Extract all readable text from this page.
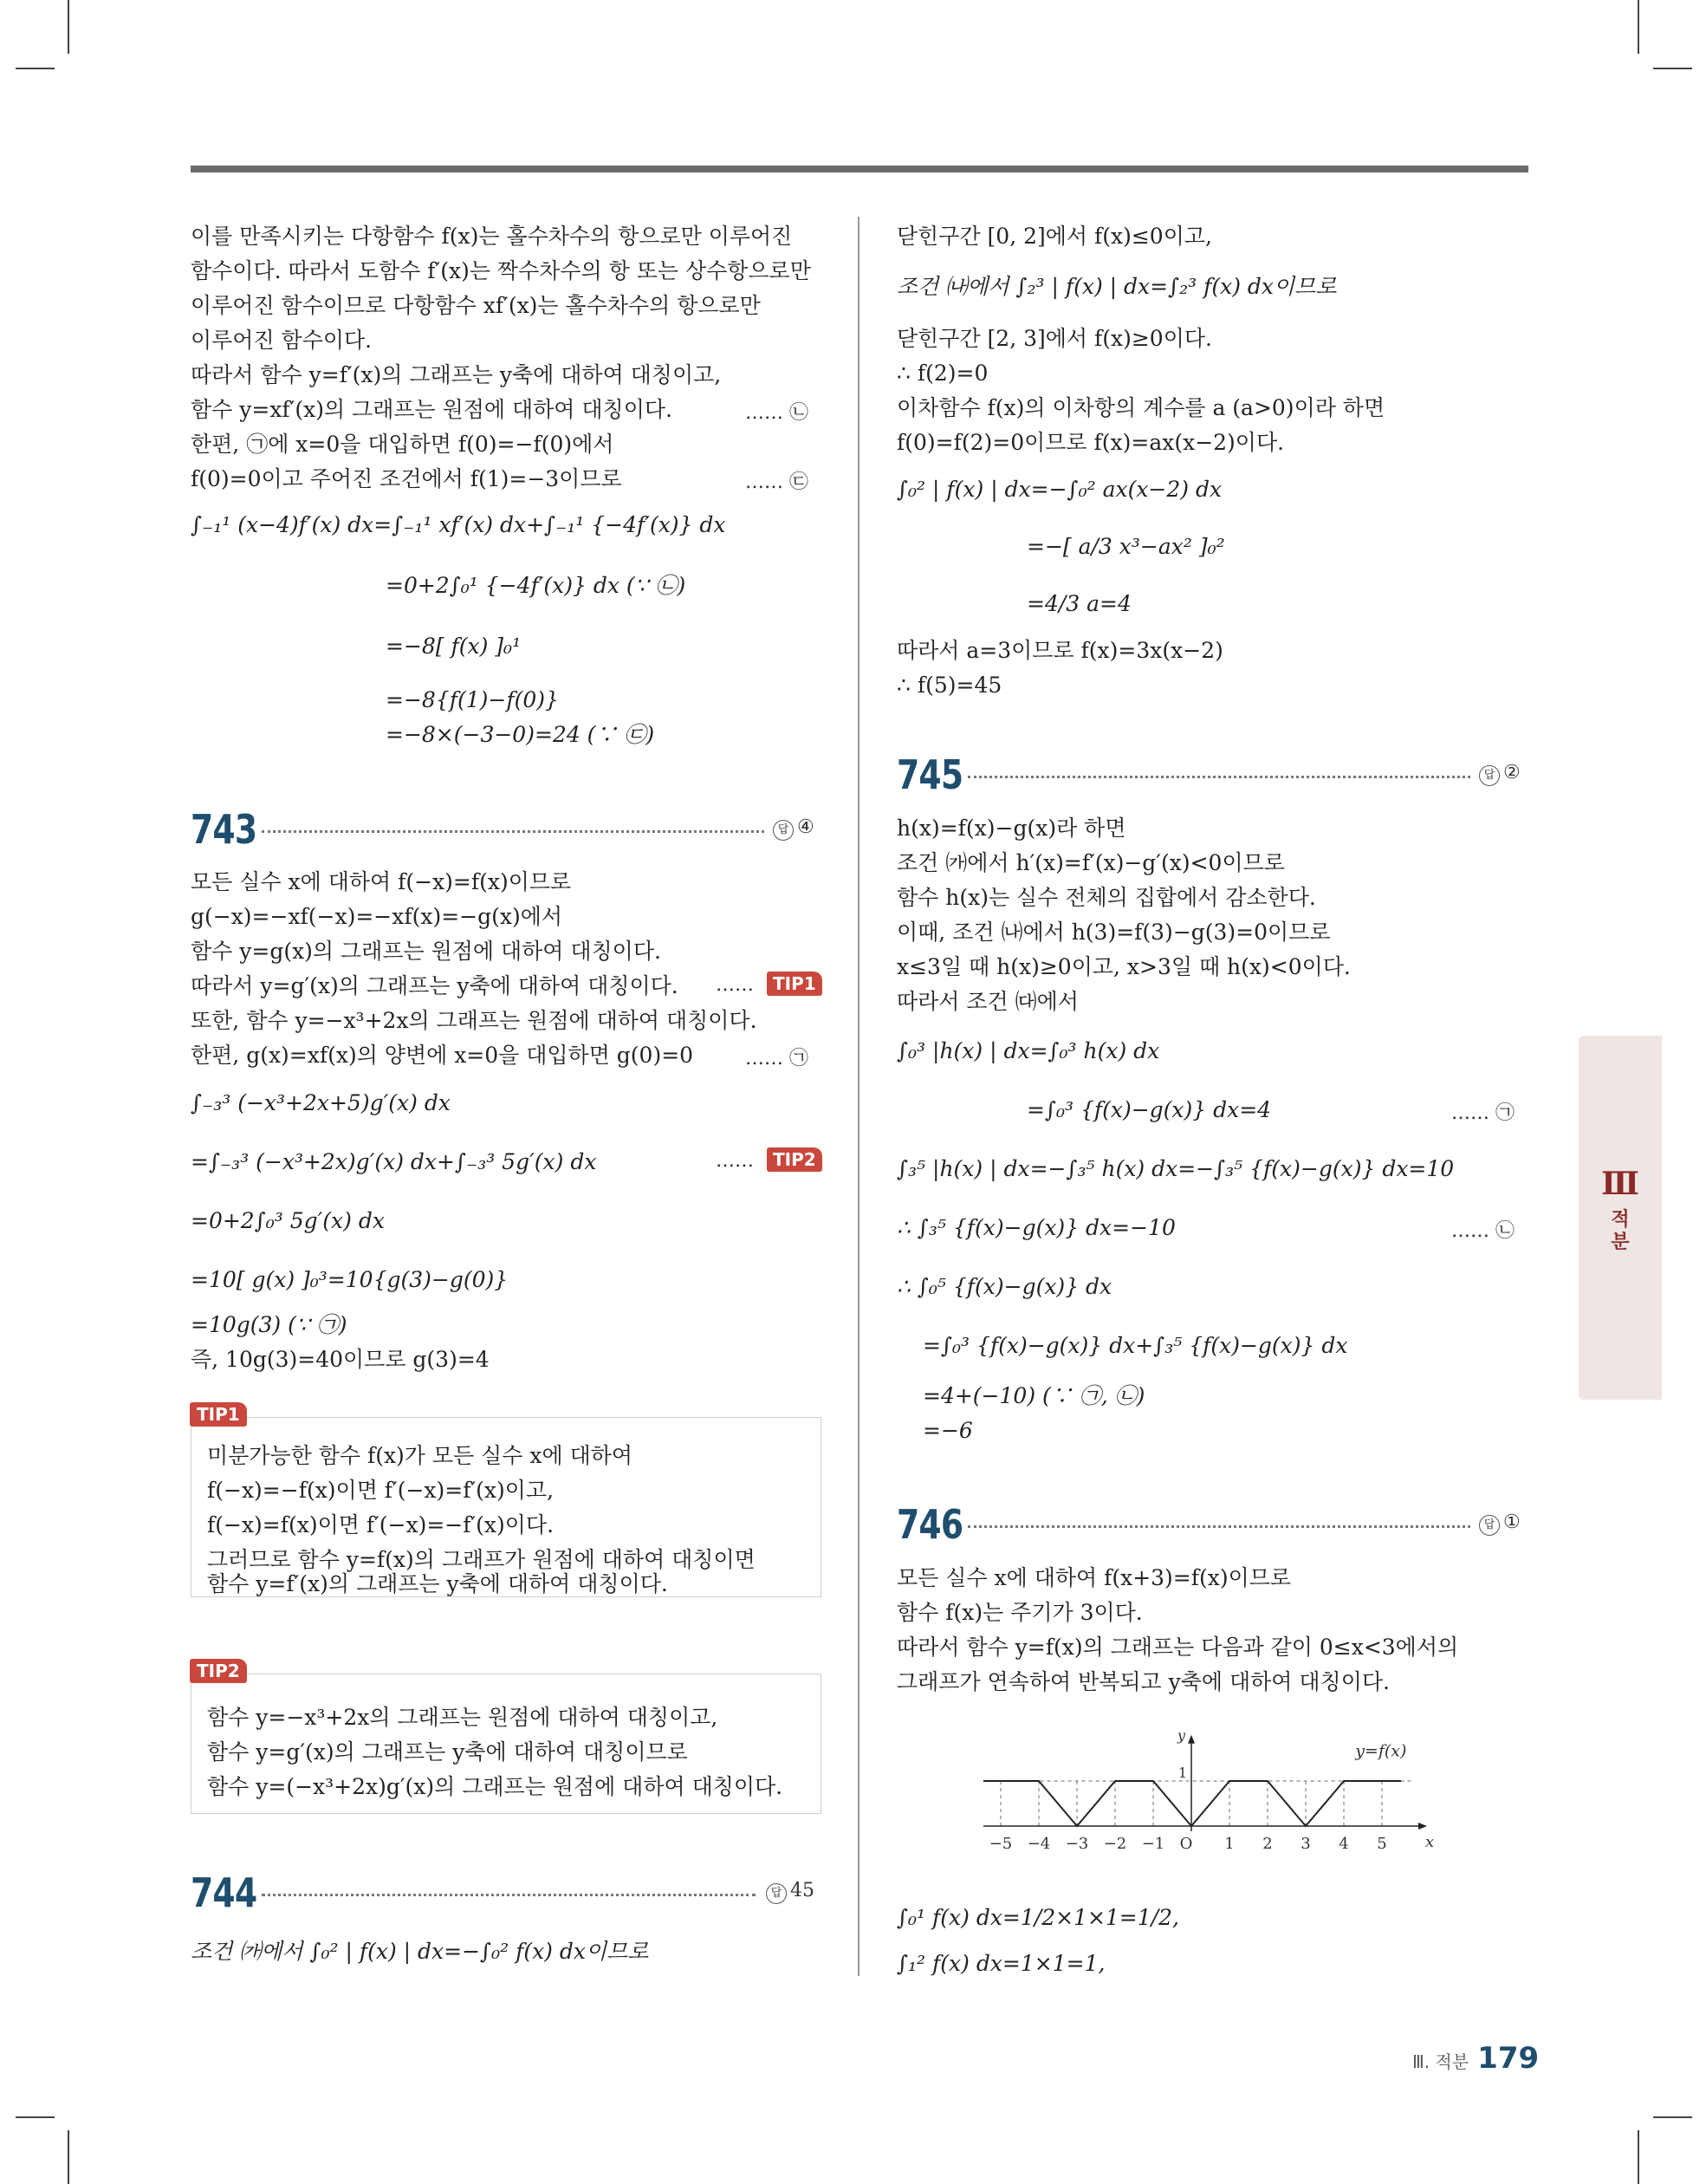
이를 만족시키는 다항함수 f(x)는 홀수차수의 항으로만 이루어진
함수이다. 따라서 도함수 f′(x)는 짝수차수의 항 또는 상수항으로만
이루어진 함수이므로 다항함수 xf′(x)는 홀수차수의 항으로만
이루어진 함수이다.
따라서 함수 y=f′(x)의 그래프는 y축에 대하여 대칭이고,
함수 y=xf′(x)의 그래프는 원점에 대하여 대칭이다.	…… ㉡
한편, ㉠에 x=0을 대입하면 f(0)=−f(0)에서
f(0)=0이고 주어진 조건에서 f(1)=−3이므로	…… ㉢
∫₋₁¹ (x−4)f′(x) dx=∫₋₁¹ xf′(x) dx+∫₋₁¹ {−4f′(x)} dx
=0+2∫₀¹ {−4f′(x)} dx (∵ ㉡)
=−8[ f(x) ]₀¹
=−8{f(1)−f(0)}
=−8×(−3−0)=24 (∵ ㉢)
743	답 ④
모든 실수 x에 대하여 f(−x)=f(x)이므로
g(−x)=−xf(−x)=−xf(x)=−g(x)에서
함수 y=g(x)의 그래프는 원점에 대하여 대칭이다.
따라서 y=g′(x)의 그래프는 y축에 대하여 대칭이다. ……	TIP1
또한, 함수 y=−x³+2x의 그래프는 원점에 대하여 대칭이다.
한편, g(x)=xf(x)의 양변에 x=0을 대입하면 g(0)=0	…… ㉠
∫₋₃³ (−x³+2x+5)g′(x) dx
=∫₋₃³ (−x³+2x)g′(x) dx+∫₋₃³ 5g′(x) dx	……	TIP2
=0+2∫₀³ 5g′(x) dx
=10[ g(x) ]₀³=10{g(3)−g(0)}
=10g(3) (∵ ㉠)
즉, 10g(3)=40이므로 g(3)=4
TIP1
미분가능한 함수 f(x)가 모든 실수 x에 대하여
f(−x)=−f(x)이면 f′(−x)=f′(x)이고,
f(−x)=f(x)이면 f′(−x)=−f′(x)이다.
그러므로 함수 y=f(x)의 그래프가 원점에 대하여 대칭이면
함수 y=f′(x)의 그래프는 y축에 대하여 대칭이다.
TIP2
함수 y=−x³+2x의 그래프는 원점에 대하여 대칭이고,
함수 y=g′(x)의 그래프는 y축에 대하여 대칭이므로
함수 y=(−x³+2x)g′(x)의 그래프는 원점에 대하여 대칭이다.
744	답 45
조건 ㈎에서 ∫₀² | f(x) | dx=−∫₀² f(x) dx이므로
닫힌구간 [0, 2]에서 f(x)≤0이고,
조건 ㈏에서 ∫₂³ | f(x) | dx=∫₂³ f(x) dx이므로
닫힌구간 [2, 3]에서 f(x)≥0이다.
∴ f(2)=0
이차함수 f(x)의 이차항의 계수를 a (a>0)이라 하면
f(0)=f(2)=0이므로 f(x)=ax(x−2)이다.
∫₀² | f(x) | dx=−∫₀² ax(x−2) dx
=−[ a/3 x³−ax² ]₀²
=4/3 a=4
따라서 a=3이므로 f(x)=3x(x−2)
∴ f(5)=45
745	답 ②
h(x)=f(x)−g(x)라 하면
조건 ㈎에서 h′(x)=f′(x)−g′(x)<0이므로
함수 h(x)는 실수 전체의 집합에서 감소한다.
이때, 조건 ㈏에서 h(3)=f(3)−g(3)=0이므로
x≤3일 때 h(x)≥0이고, x>3일 때 h(x)<0이다.
따라서 조건 ㈐에서
∫₀³ |h(x) | dx=∫₀³ h(x) dx
=∫₀³ {f(x)−g(x)} dx=4	…… ㉠
∫₃⁵ |h(x) | dx=−∫₃⁵ h(x) dx=−∫₃⁵ {f(x)−g(x)} dx=10
∴ ∫₃⁵ {f(x)−g(x)} dx=−10	…… ㉡
∴ ∫₀⁵ {f(x)−g(x)} dx
=∫₀³ {f(x)−g(x)} dx+∫₃⁵ {f(x)−g(x)} dx
=4+(−10) (∵ ㉠, ㉡)
=−6
746	답 ①
모든 실수 x에 대하여 f(x+3)=f(x)이므로
함수 f(x)는 주기가 3이다.
따라서 함수 y=f(x)의 그래프는 다음과 같이 0≤x<3에서의
그래프가 연속하여 반복되고 y축에 대하여 대칭이다.
−5 −4 −3 −2 −1 O 1 2 3 4 5
1
x
y
y=f(x)
∫₀¹ f(x) dx=1/2×1×1=1/2,
∫₁² f(x) dx=1×1=1,
Ⅲ
적
분
Ⅲ. 적분 179
